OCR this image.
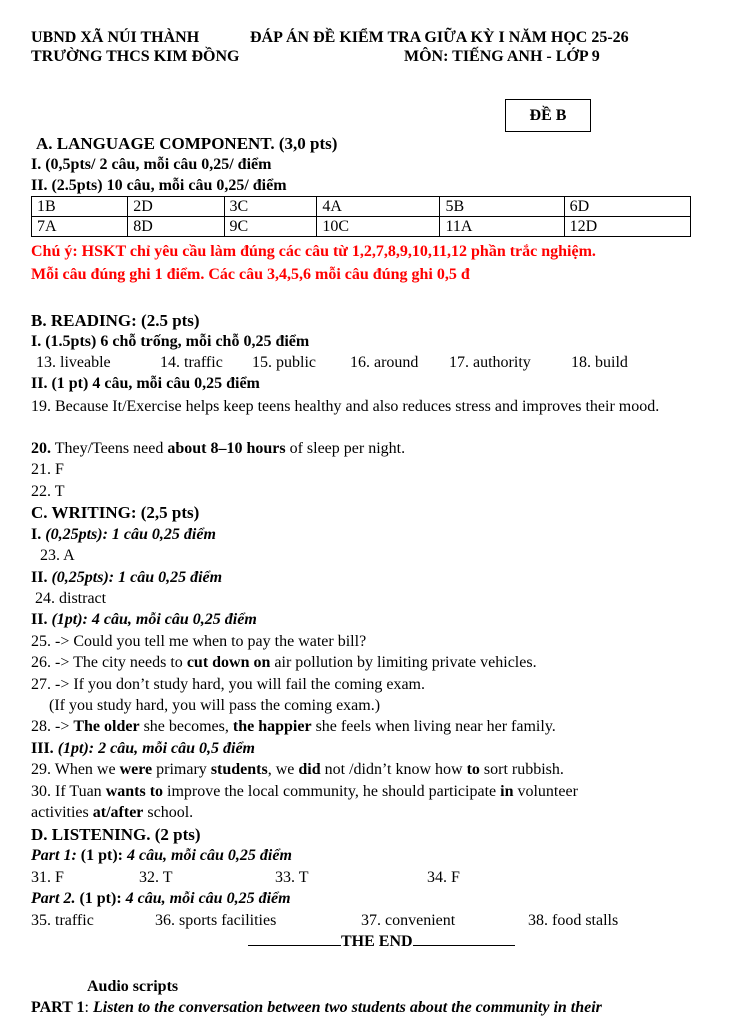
UBND XÃ NÚI THÀNH
TRƯỜNG THCS KIM ĐỒNG
ĐÁP ÁN ĐỀ KIỂM TRA GIỮA KỲ I NĂM HỌC 25-26
MÔN: TIẾNG ANH - LỚP 9
ĐỀ B
A. LANGUAGE COMPONENT. (3,0 pts)
I. (0,5pts/ 2 câu, mỗi câu 0,25/ điểm
II. (2.5pts) 10 câu, mỗi câu 0,25/ điểm
1B	2D	3C	4A	5B	6D
7A	8D	9C	10C	11A	12D
Chú ý: HSKT chỉ yêu cầu làm đúng các câu từ 1,2,7,8,9,10,11,12 phần trắc nghiệm.
Mỗi câu đúng ghi 1 điểm. Các câu 3,4,5,6 mỗi câu đúng ghi 0,5 đ
B. READING: (2.5 pts)
I. (1.5pts) 6 chỗ trống, mỗi chỗ 0,25 điểm
13. liveable	14. traffic 15. public 16. around 17. authority	18. build
II. (1 pt) 4 câu, mỗi câu 0,25 điểm
19. Because It/Exercise helps keep teens healthy and also reduces stress and improves their mood.
20. They/Teens need about 8–10 hours of sleep per night.
21. F
22. T
C. WRITING: (2,5 pts)
I. (0,25pts): 1 câu 0,25 điểm
23. A
II. (0,25pts): 1 câu 0,25 điểm
24. distract
II. (1pt): 4 câu, mỗi câu 0,25 điểm
25. -> Could you tell me when to pay the water bill?
26. -> The city needs to cut down on air pollution by limiting private vehicles.
27. -> If you don’t study hard, you will fail the coming exam.
(If you study hard, you will pass the coming exam.)
28. -> The older she becomes, the happier she feels when living near her family.
III. (1pt): 2 câu, mỗi câu 0,5 điểm
29. When we were primary students, we did not /didn’t know how to sort rubbish.
30. If Tuan wants to improve the local community, he should participate in volunteer
activities at/after school.
D. LISTENING. (2 pts)
Part 1: (1 pt): 4 câu, mỗi câu 0,25 điểm
31. F	32. T	33. T	34. F
Part 2. (1 pt): 4 câu, mỗi câu 0,25 điểm
35. traffic	36. sports facilities	37. convenient	38. food stalls
THE END
Audio scripts
PART 1: Listen to the conversation between two students about the community in their
